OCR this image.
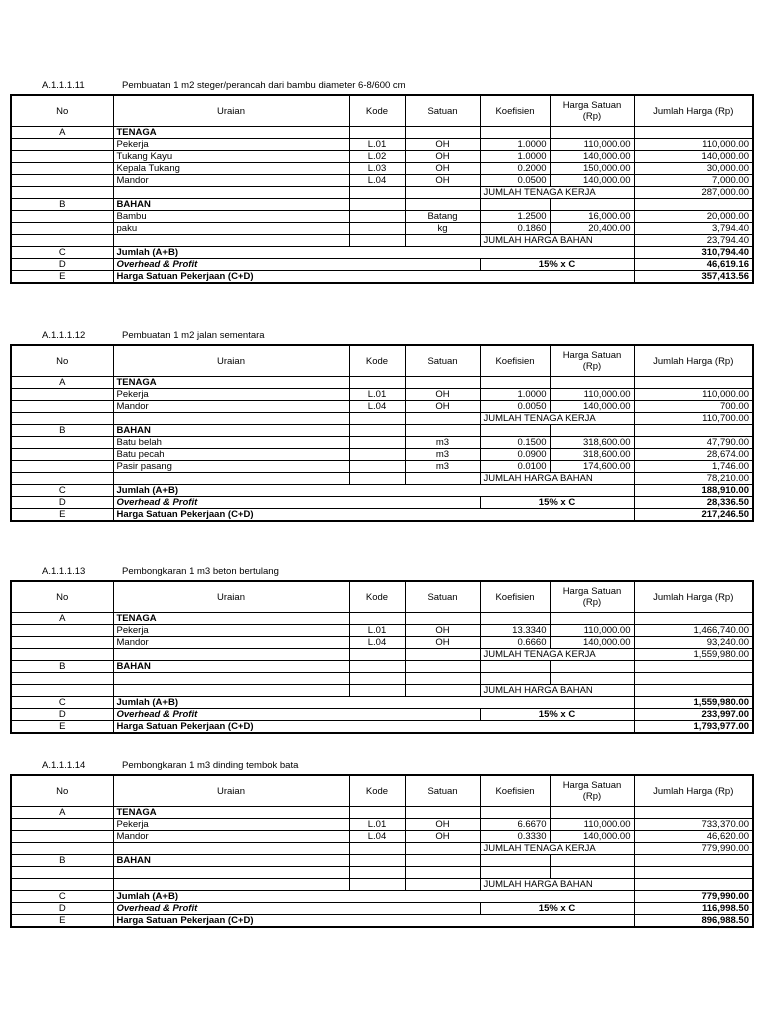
A.1.1.1.11	Pembuatan 1 m2 steger/perancah dari bambu diameter 6-8/600 cm
No	Uraian	Kode	Satuan	Koefisien	Harga Satuan (Rp)	Jumlah Harga (Rp)
A	TENAGA					
	Pekerja	L.01	OH	1.0000	110,000.00	110,000.00
	Tukang Kayu	L.02	OH	1.0000	140,000.00	140,000.00
	Kepala Tukang	L.03	OH	0.2000	150,000.00	30,000.00
	Mandor	L.04	OH	0.0500	140,000.00	7,000.00
				JUMLAH TENAGA KERJA		287,000.00
B	BAHAN					
	Bambu		Batang	1.2500	16,000.00	20,000.00
	paku		kg	0.1860	20,400.00	3,794.40
				JUMLAH HARGA BAHAN		23,794.40
C	Jumlah (A+B)					310,794.40
D	Overhead & Profit			15% x C		46,619.16
E	Harga Satuan Pekerjaan (C+D)					357,413.56
A.1.1.1.12	Pembuatan 1 m2 jalan sementara
No	Uraian	Kode	Satuan	Koefisien	Harga Satuan (Rp)	Jumlah Harga (Rp)
A	TENAGA					
	Pekerja	L.01	OH	1.0000	110,000.00	110,000.00
	Mandor	L.04	OH	0.0050	140,000.00	700.00
				JUMLAH TENAGA KERJA		110,700.00
B	BAHAN					
	Batu belah		m3	0.1500	318,600.00	47,790.00
	Batu pecah		m3	0.0900	318,600.00	28,674.00
	Pasir pasang		m3	0.0100	174,600.00	1,746.00
				JUMLAH HARGA BAHAN		78,210.00
C	Jumlah (A+B)					188,910.00
D	Overhead & Profit			15% x C		28,336.50
E	Harga Satuan Pekerjaan (C+D)					217,246.50
A.1.1.1.13	Pembongkaran 1 m3 beton bertulang
No	Uraian	Kode	Satuan	Koefisien	Harga Satuan (Rp)	Jumlah Harga (Rp)
A	TENAGA					
	Pekerja	L.01	OH	13.3340	110,000.00	1,466,740.00
	Mandor	L.04	OH	0.6660	140,000.00	93,240.00
				JUMLAH TENAGA KERJA		1,559,980.00
B	BAHAN					

				JUMLAH HARGA BAHAN		
C	Jumlah (A+B)					1,559,980.00
D	Overhead & Profit			15% x C		233,997.00
E	Harga Satuan Pekerjaan (C+D)					1,793,977.00
A.1.1.1.14	Pembongkaran 1 m3 dinding tembok bata
No	Uraian	Kode	Satuan	Koefisien	Harga Satuan (Rp)	Jumlah Harga (Rp)
A	TENAGA					
	Pekerja	L.01	OH	6.6670	110,000.00	733,370.00
	Mandor	L.04	OH	0.3330	140,000.00	46,620.00
				JUMLAH TENAGA KERJA		779,990.00
B	BAHAN					

				JUMLAH HARGA BAHAN		
C	Jumlah (A+B)					779,990.00
D	Overhead & Profit			15% x C		116,998.50
E	Harga Satuan Pekerjaan (C+D)					896,988.50
